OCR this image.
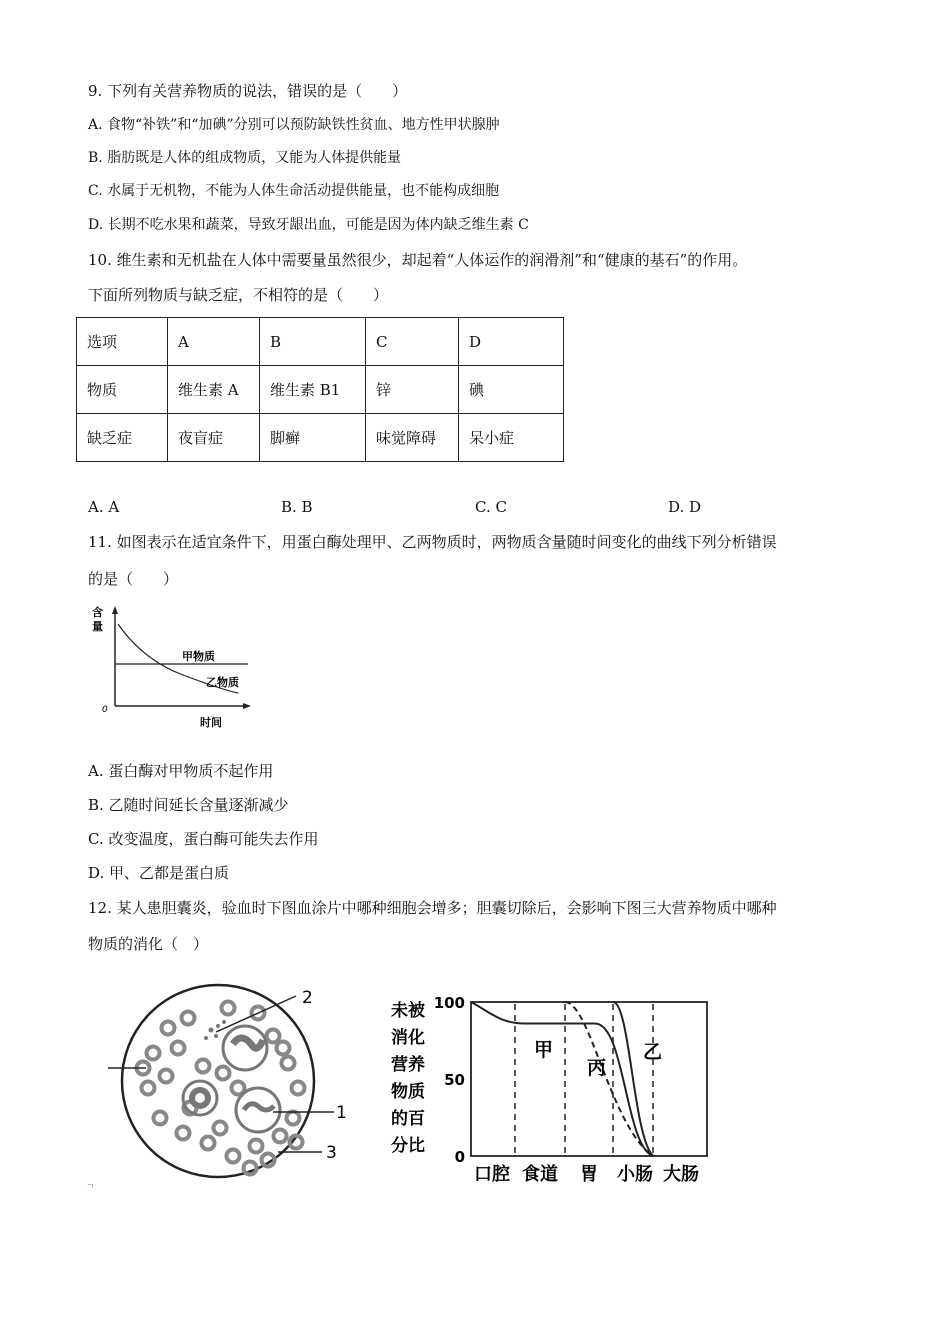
9. 下列有关营养物质的说法，错误的是（　　）
A. 食物“补铁”和“加碘”分别可以预防缺铁性贫血、地方性甲状腺肿
B. 脂肪既是人体的组成物质，又能为人体提供能量
C. 水属于无机物，不能为人体生命活动提供能量，也不能构成细胞
D. 长期不吃水果和蔬菜，导致牙龈出血，可能是因为体内缺乏维生素 C
10. 维生素和无机盐在人体中需要量虽然很少，却起着“人体运作的润滑剂”和“健康的基石”的作用。
下面所列物质与缺乏症，不相符的是（　　）
选项	A	B	C	D
物质	维生素 A	维生素 B1	锌	碘
缺乏症	夜盲症	脚癣	味觉障碍	呆小症
A. A	B. B	C. C	D. D
11. 如图表示在适宜条件下，用蛋白酶处理甲、乙两物质时，两物质含量随时间变化的曲线下列分析错误
的是（　　）
含
量
0
甲物质
乙物质
时间
A. 蛋白酶对甲物质不起作用
B. 乙随时间延长含量逐渐减少
C. 改变温度，蛋白酶可能失去作用
D. 甲、乙都是蛋白质
12. 某人患胆囊炎，验血时下图血涂片中哪种细胞会增多；胆囊切除后，会影响下图三大营养物质中哪种
物质的消化（　）
2
1
3
未被
消化
营养
物质
的百
分比
100
50
0
甲	乙
丙
口腔 食道 胃 小肠 大肠
ᄀ
